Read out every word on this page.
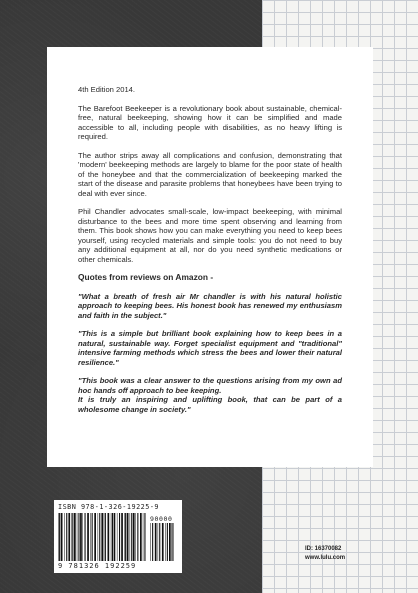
4th Edition 2014.

The Barefoot Beekeeper is a revolutionary book about sustainable, chemical-free, natural beekeeping, showing how it can be simplified and made accessible to all, including people with disabilities, as no heavy lifting is required.

The author strips away all complications and confusion, demonstrating that 'modern' beekeeping methods are largely to blame for the poor state of health of the honeybee and that the commercialization of beekeeping marked the start of the disease and parasite problems that honeybees have been trying to deal with ever since.

Phil Chandler advocates small-scale, low-impact beekeeping, with minimal disturbance to the bees and more time spent observing and learning from them. This book shows how you can make everything you need to keep bees yourself, using recycled materials and simple tools: you do not need to buy any additional equipment at all, nor do you need synthetic medications or other chemicals.

Quotes from reviews on Amazon -

"What a breath of fresh air Mr chandler is with his natural holistic approach to keeping bees. His honest book has renewed my enthusiasm and faith in the subject."

"This is a simple but brilliant book explaining how to keep bees in a natural, sustainable way. Forget specialist equipment and "traditional" intensive farming methods which stress the bees and lower their natural resilience."

"This book was a clear answer to the questions arising from my own ad hoc hands off approach to bee keeping.
It is truly an inspiring and uplifting book, that can be part of a wholesome change in society."

ISBN 978-1-326-19225-9
90000
9 781326 192259
ID: 16370082
www.lulu.com
